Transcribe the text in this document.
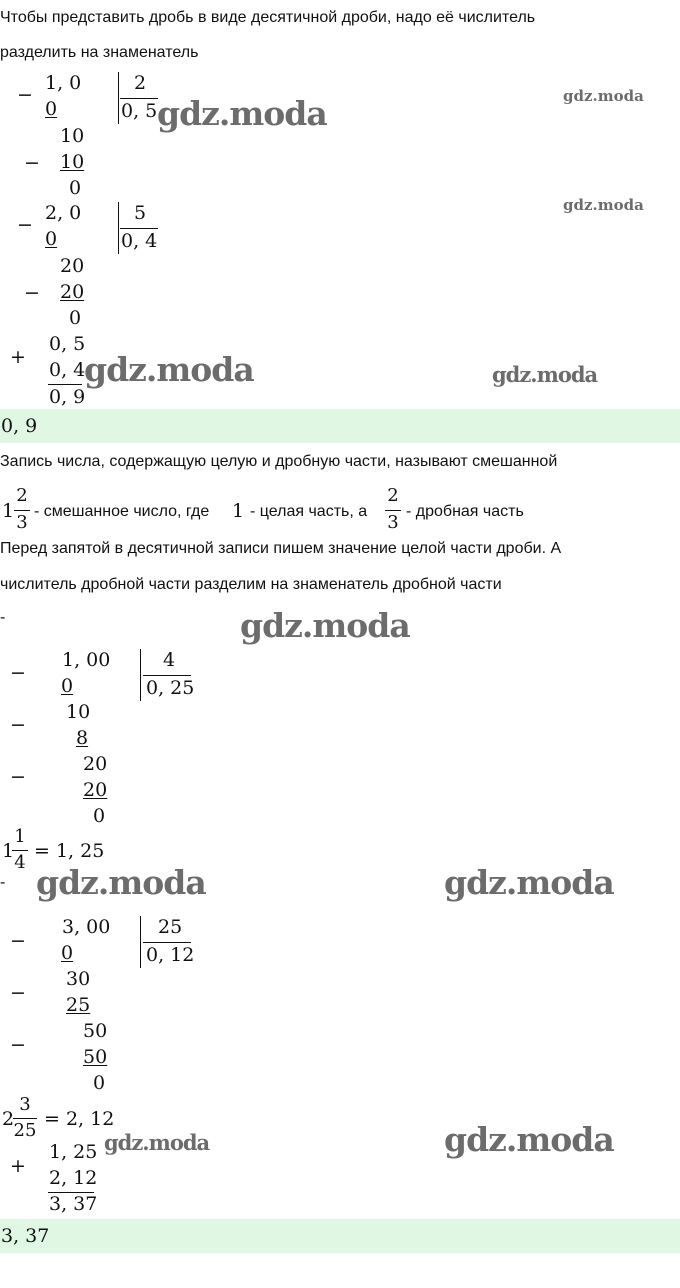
Чтобы представить дробь в виде десятичной дроби, надо её числитель
разделить на знаменатель
−
1, 0
0
2
0, 5
10
− 10
0
−
2, 0
0
5
0, 4
20
− 20
0
+
0, 5
0, 4
0, 9
0, 9
Запись числа, содержащую целую и дробную части, называют смешанной
1
2
3
- смешанное число, где 1 - целая часть, а
2
3
- дробная часть
Перед запятой в десятичной записи пишем значение целой части дроби. А
числитель дробной части разделим на знаменатель дробной части
-
−
1, 00
0
4
0, 25
−
10
8
−
20
20
0
1
1
4
= 1, 25
-
−
3, 00
0
25
0, 12
−
30
25
−
50
50
0
2
3
25
= 2, 12
+
1, 25
2, 12
3, 37
3, 37
gdz.moda	gdz.moda
gdz.moda
gdz.moda	gdz.moda
gdz.moda
gdz.moda	gdz.moda
gdz.moda	gdz.moda
